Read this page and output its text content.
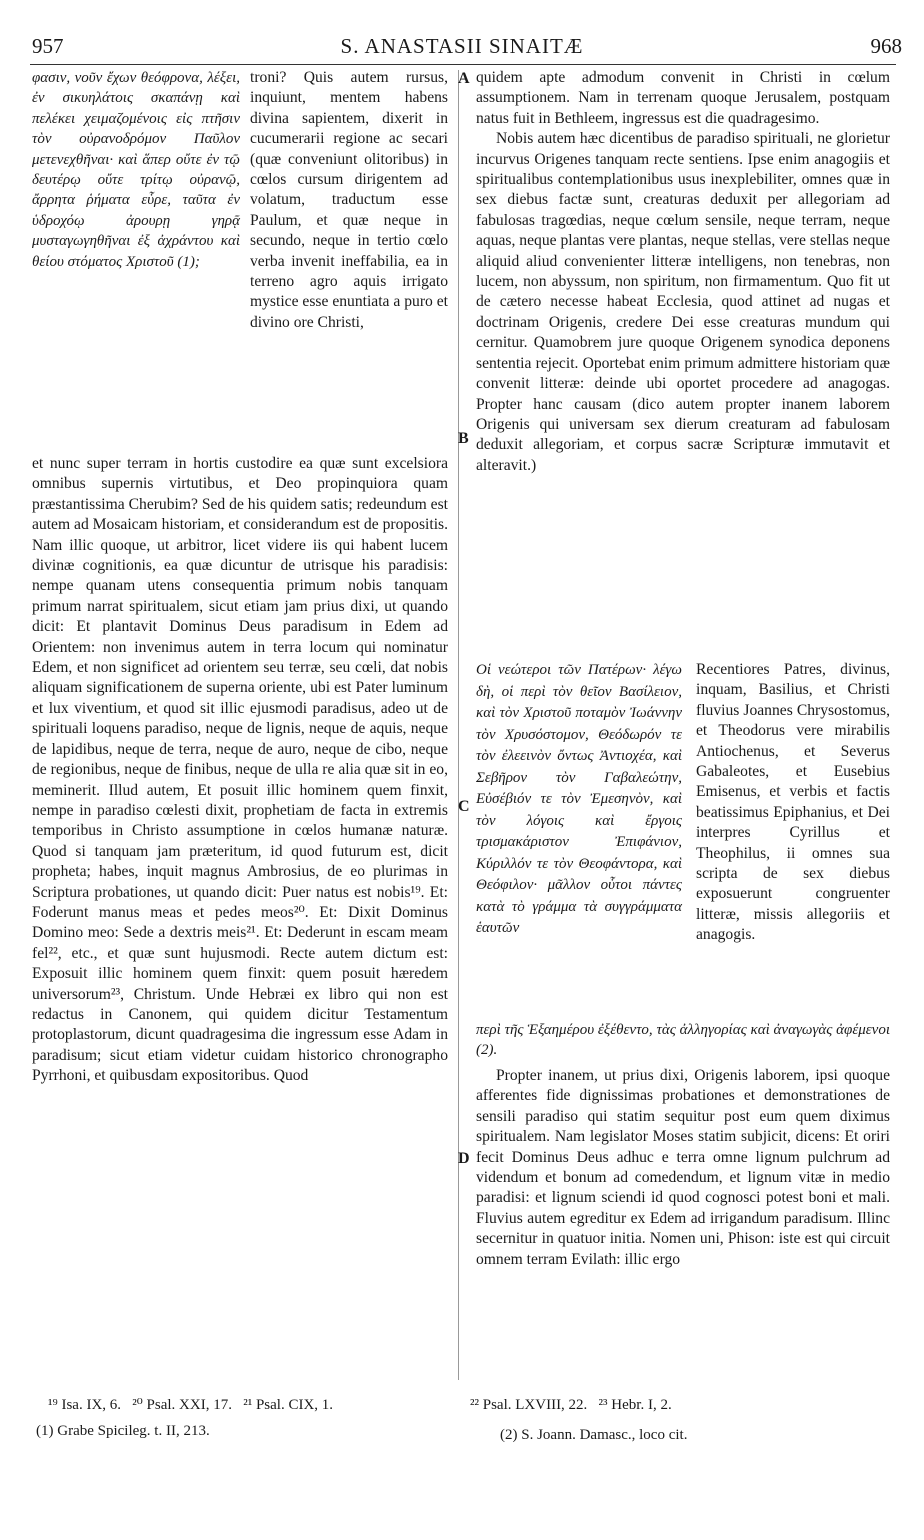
957	S. ANASTASII SINAITÆ	968
φασιν, νοῦν ἔχων θεόφρονα, λέξει, ἐν σικυηλάτοις σκαπάνῃ καὶ πελέκει χειμαζομένοις εἰς πτῆσιν τὸν οὐρανοδρόμον Παῦλον μετενεχθῆναι· καὶ ἅπερ οὔτε ἐν τῷ δευτέρῳ οὔτε τρίτῳ οὐρανῷ, ἄρρητα ῥήματα εὗρε, ταῦτα ἐν ὑδροχόῳ ἀρουρῃ γηρᾷ μυσταγωγηθῆναι ἐξ ἀχράντου καὶ θείου στόματος Χριστοῦ (1);
troni? Quis autem rursus, inquiunt, mentem habens divina sapientem, dixerit in cucumerarii regione ac secari (quæ conveniunt olitoribus) in cœlos cursum dirigentem ad volatum, traductum esse Paulum, et quæ neque in secundo, neque in tertio cœlo verba invenit ineffabilia, ea in terreno agro aquis irrigato mystice esse enuntiata a puro et divino ore Christi,

et nunc super terram in hortis custodire ea quæ sunt excelsiora omnibus supernis virtutibus, et Deo propinquiora quam præstantissima Cherubim? Sed de his quidem satis; redeundum est autem ad Mosaicam historiam, et considerandum est de propositis. Nam illic quoque, ut arbitror, licet videre iis qui habent lucem divinæ cognitionis, ea quæ dicuntur de utrisque his paradisis: nempe quanam utens consequentia primum nobis tanquam primum narrat spiritualem, sicut etiam jam prius dixi, ut quando dicit: Et plantavit Dominus Deus paradisum in Edem ad Orientem: non invenimus autem in terra locum qui nominatur Edem, et non significet ad orientem seu terræ, seu cœli, dat nobis aliquam significationem de superna oriente, ubi est Pater luminum et lux viventium, et quod sit illic ejusmodi paradisus, adeo ut de spirituali loquens paradiso, neque de lignis, neque de aquis, neque de lapidibus, neque de terra, neque de auro, neque de cibo, neque de regionibus, neque de finibus, neque de ulla re alia quæ sit in eo, meminerit. Illud autem, Et posuit illic hominem quem finxit, nempe in paradiso cœlesti dixit, prophetiam de facta in extremis temporibus in Christo assumptione in cœlos humanæ naturæ. Quod si tanquam jam præteritum, id quod futurum est, dicit propheta; habes, inquit magnus Ambrosius, de eo plurimas in Scriptura probationes, ut quando dicit: Puer natus est nobis¹⁹. Et: Foderunt manus meas et pedes meos²⁰. Et: Dixit Dominus Domino meo: Sede a dextris meis²¹. Et: Dederunt in escam meam fel²², etc., et quæ sunt hujusmodi. Recte autem dictum est: Exposuit illic hominem quem finxit: quem posuit hæredem universorum²³, Christum. Unde Hebræi ex libro qui non est redactus in Canonem, qui quidem dicitur Testamentum protoplastorum, dicunt quadragesima die ingressum esse Adam in paradisum; sicut etiam videtur cuidam historico chronographo Pyrrhoni, et quibusdam expositoribus. Quod

A
B
C
D

quidem apte admodum convenit in Christi in cœlum assumptionem. Nam in terrenam quoque Jerusalem, postquam natus fuit in Bethleem, ingressus est die quadragesimo.

Nobis autem hæc dicentibus de paradiso spirituali, ne glorietur incurvus Origenes tanquam recte sentiens. Ipse enim anagogiis et spiritualibus contemplationibus usus inexplebiliter, omnes quæ in sex diebus factæ sunt, creaturas deduxit per allegoriam ad fabulosas tragœdias, neque cœlum sensile, neque terram, neque aquas, neque plantas vere plantas, neque stellas, vere stellas neque aliquid aliud convenienter litteræ intelligens, non tenebras, non lucem, non abyssum, non spiritum, non firmamentum. Quo fit ut de cætero necesse habeat Ecclesia, quod attinet ad nugas et doctrinam Origenis, credere Dei esse creaturas mundum qui cernitur. Quamobrem jure quoque Origenem synodica deponens sententia rejecit. Oportebat enim primum admittere historiam quæ convenit litteræ: deinde ubi oportet procedere ad anagogas. Propter hanc causam (dico autem propter inanem laborem Origenis qui universam sex dierum creaturam ad fabulosam deduxit allegoriam, et corpus sacræ Scripturæ immutavit et alteravit.)

Οἱ νεώτεροι τῶν Πατέρων· λέγω δὴ, οἱ περὶ τὸν θεῖον Βασίλειον, καὶ τὸν Χριστοῦ ποταμὸν Ἰωάννην τὸν Χρυσόστομον, Θεόδωρόν τε τὸν ἐλεεινὸν ὄντως Ἀντιοχέα, καὶ Σεβῆρον τὸν Γαβαλεώτην, Εὐσέβιόν τε τὸν Ἐμεσηνὸν, καὶ τὸν λόγοις καὶ ἔργοις τρισμακάριστον Ἐπιφάνιον, Κύριλλόν τε τὸν Θεοφάντορα, καὶ Θεόφιλον· μᾶλλον οὗτοι πάντες κατὰ τὸ γράμμα τὰ συγγράμματα ἑαυτῶν
Recentiores Patres, divinus, inquam, Basilius, et Christi fluvius Joannes Chrysostomus, et Theodorus vere mirabilis Antiochenus, et Severus Gabaleotes, et Eusebius Emisenus, et verbis et factis beatissimus Epiphanius, et Dei interpres Cyrillus et Theophilus, ii omnes sua scripta de sex diebus exposuerunt congruenter litteræ, missis allegoriis et anagogis.
περὶ τῆς Ἑξαημέρου ἐξέθεντο, τὰς ἀλληγορίας καὶ ἀναγωγὰς ἀφέμενοι (2).

Propter inanem, ut prius dixi, Origenis laborem, ipsi quoque afferentes fide dignissimas probationes et demonstrationes de sensili paradiso qui statim sequitur post eum quem diximus spiritualem. Nam legislator Moses statim subjicit, dicens: Et oriri fecit Dominus Deus adhuc e terra omne lignum pulchrum ad videndum et bonum ad comedendum, et lignum vitæ in medio paradisi: et lignum sciendi id quod cognosci potest boni et mali. Fluvius autem egreditur ex Edem ad irrigandum paradisum. Illinc secernitur in quatuor initia. Nomen uni, Phison: iste est qui circuit omnem terram Evilath: illic ergo

¹⁹ Isa. IX, 6.   ²⁰ Psal. XXI, 17.   ²¹ Psal. CIX, 1.	²² Psal. LXVIII, 22.   ²³ Hebr. I, 2.
(1) Grabe Spicileg. t. II, 213.	(2) S. Joann. Damasc., loco cit.
